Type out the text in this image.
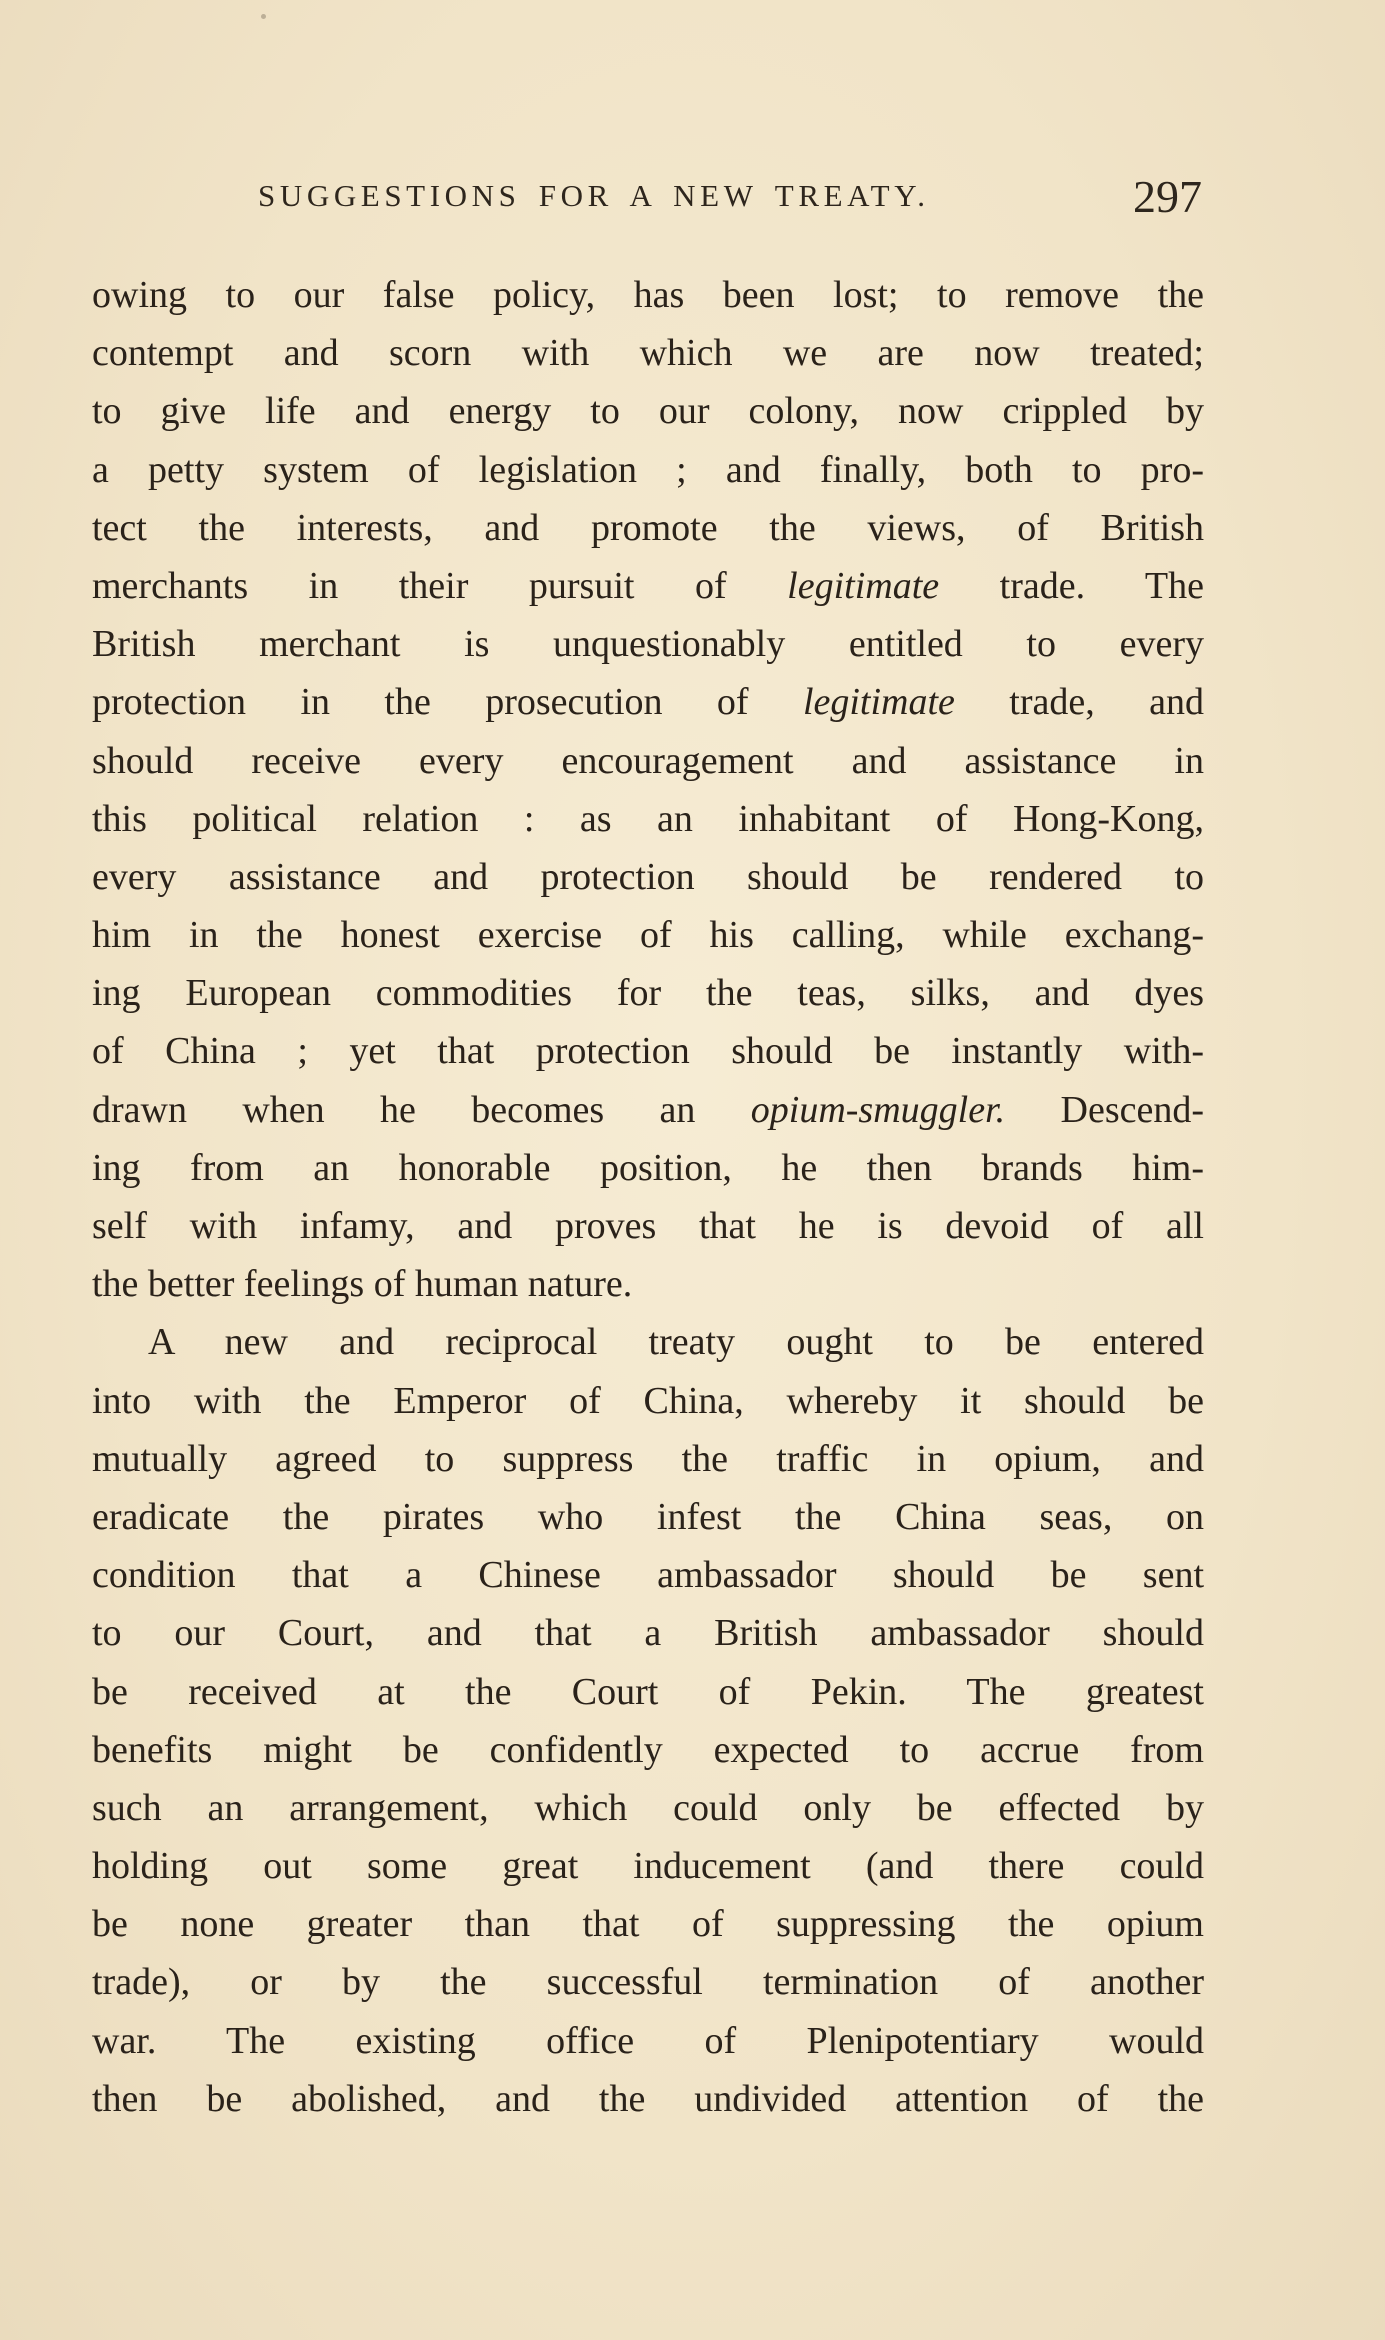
SUGGESTIONS FOR A NEW TREATY.	297
owing to our false policy, has been lost; to remove the
contempt and scorn with which we are now treated;
to give life and energy to our colony, now crippled by
a petty system of legislation ; and finally, both to pro-
tect the interests, and promote the views, of British
merchants in their pursuit of legitimate trade. The
British merchant is unquestionably entitled to every
protection in the prosecution of legitimate trade, and
should receive every encouragement and assistance in
this political relation : as an inhabitant of Hong-Kong,
every assistance and protection should be rendered to
him in the honest exercise of his calling, while exchang-
ing European commodities for the teas, silks, and dyes
of China ; yet that protection should be instantly with-
drawn when he becomes an opium-smuggler. Descend-
ing from an honorable position, he then brands him-
self with infamy, and proves that he is devoid of all
the better feelings of human nature.
A new and reciprocal treaty ought to be entered
into with the Emperor of China, whereby it should be
mutually agreed to suppress the traffic in opium, and
eradicate the pirates who infest the China seas, on
condition that a Chinese ambassador should be sent
to our Court, and that a British ambassador should
be received at the Court of Pekin. The greatest
benefits might be confidently expected to accrue from
such an arrangement, which could only be effected by
holding out some great inducement (and there could
be none greater than that of suppressing the opium
trade), or by the successful termination of another
war. The existing office of Plenipotentiary would
then be abolished, and the undivided attention of the
